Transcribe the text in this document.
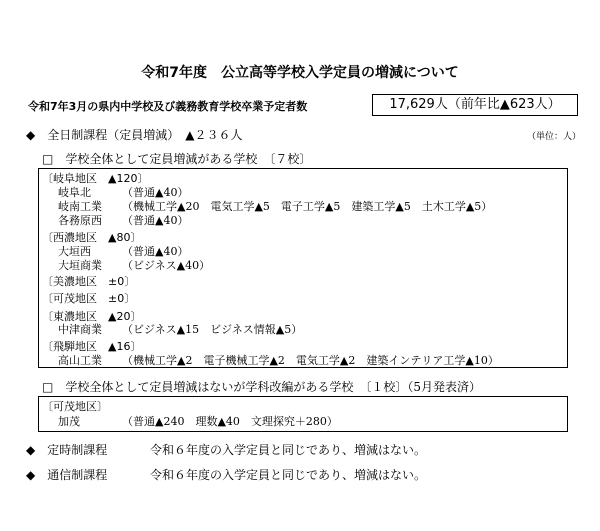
令和7年度　公立高等学校入学定員の増減について
令和7年3月の県内中学校及び義務教育学校卒業予定者数	17,629人（前年比▲623人）
（単位：人）
◆　全日制課程（定員増減）　▲２３６人
□　学校全体として定員増減がある学校　〔７校〕
〔岐阜地区　▲120〕
岐阜北	（普通▲40）
岐南工業 （機械工学▲20　電気工学▲5　電子工学▲5　建築工学▲5　土木工学▲5）
各務原西 （普通▲40）
〔西濃地区　▲80〕
大垣西	（普通▲40）
大垣商業 （ビジネス▲40）
〔美濃地区　±0〕
〔可茂地区　±0〕
〔東濃地区　▲20〕
中津商業 （ビジネス▲15　ビジネス情報▲5）
〔飛騨地区　▲16〕
高山工業 （機械工学▲2　電子機械工学▲2　電気工学▲2　建築インテリア工学▲10）
□　学校全体として定員増減はないが学科改編がある学校　〔１校〕（5月発表済）
〔可茂地区〕
加茂	（普通▲240　理数▲40　文理探究＋280）
◆　定時制課程	令和６年度の入学定員と同じであり、増減はない。
◆　通信制課程	令和６年度の入学定員と同じであり、増減はない。
